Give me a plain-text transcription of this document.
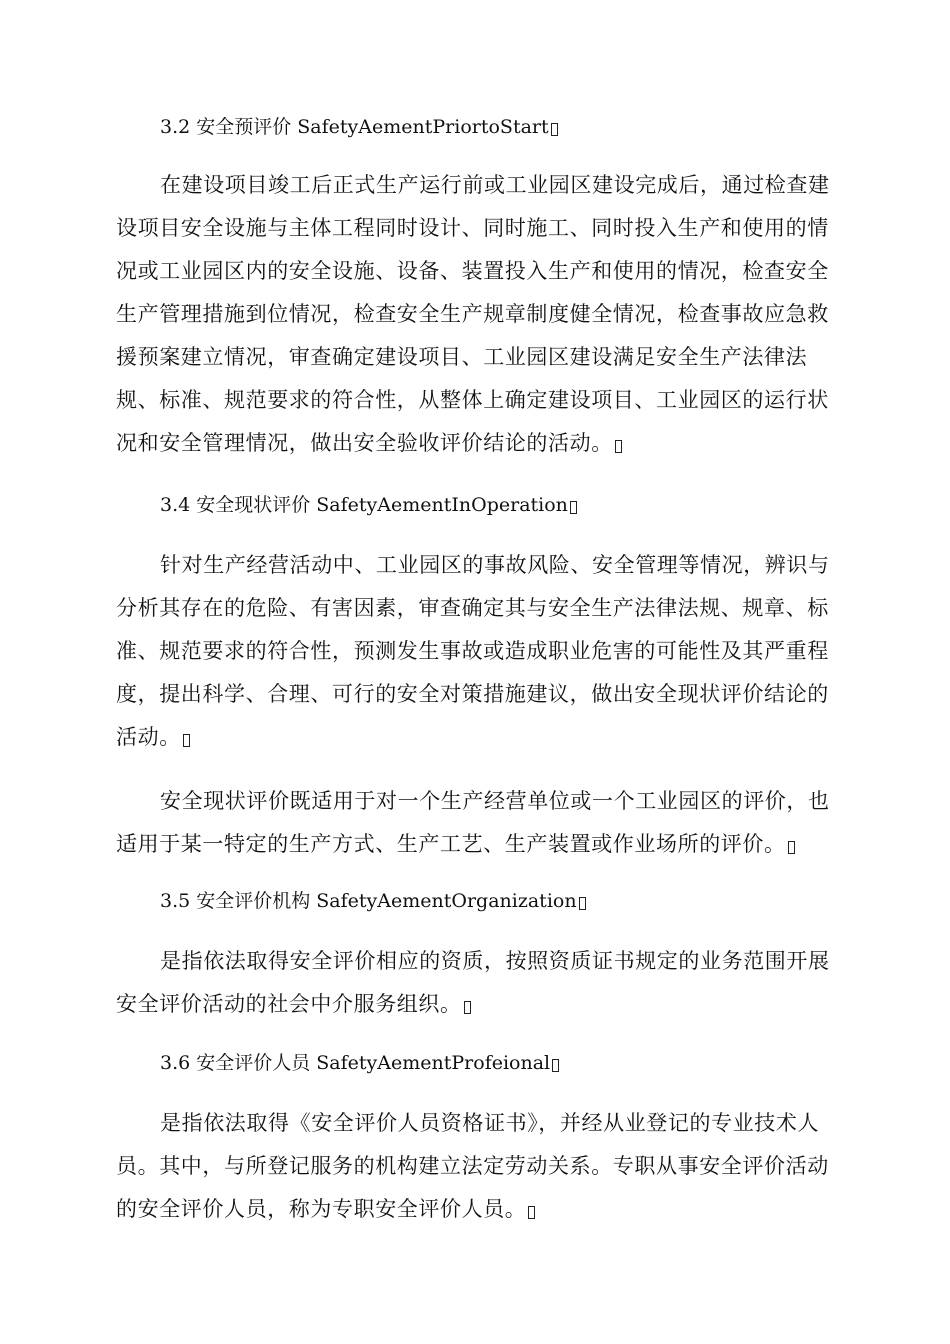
3.2 安全预评价 SafetyAementPriortoStart

在建设项目竣工后正式生产运行前或工业园区建设完成后，通过检查建设项目安全设施与主体工程同时设计、同时施工、同时投入生产和使用的情况或工业园区内的安全设施、设备、装置投入生产和使用的情况，检查安全生产管理措施到位情况，检查安全生产规章制度健全情况，检查事故应急救援预案建立情况，审查确定建设项目、工业园区建设满足安全生产法律法规、标准、规范要求的符合性，从整体上确定建设项目、工业园区的运行状况和安全管理情况，做出安全验收评价结论的活动。

3.4 安全现状评价 SafetyAementInOperation

针对生产经营活动中、工业园区的事故风险、安全管理等情况，辨识与分析其存在的危险、有害因素，审查确定其与安全生产法律法规、规章、标准、规范要求的符合性，预测发生事故或造成职业危害的可能性及其严重程度，提出科学、合理、可行的安全对策措施建议，做出安全现状评价结论的活动。

安全现状评价既适用于对一个生产经营单位或一个工业园区的评价，也适用于某一特定的生产方式、生产工艺、生产装置或作业场所的评价。

3.5 安全评价机构 SafetyAementOrganization

是指依法取得安全评价相应的资质，按照资质证书规定的业务范围开展安全评价活动的社会中介服务组织。

3.6 安全评价人员 SafetyAementProfeional

是指依法取得《安全评价人员资格证书》，并经从业登记的专业技术人员。其中，与所登记服务的机构建立法定劳动关系。专职从事安全评价活动的安全评价人员，称为专职安全评价人员。
